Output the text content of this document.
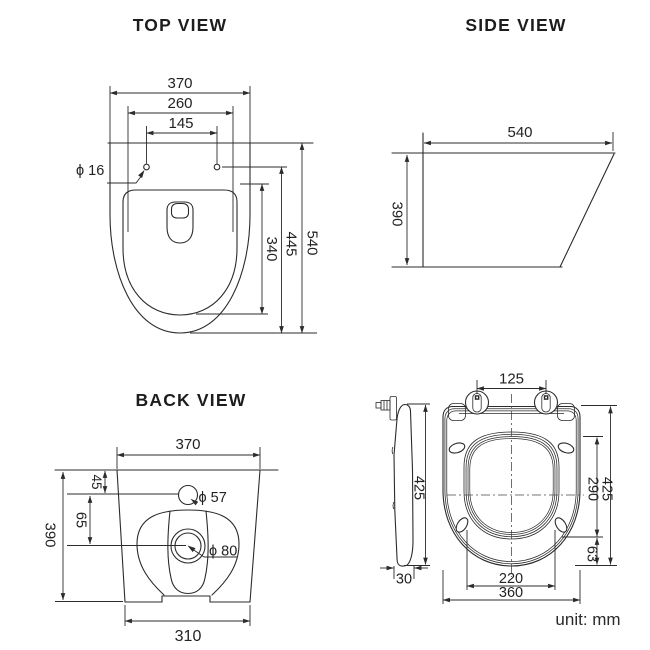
TOP VIEW
370
260
145
ϕ 16
340 445 540
SIDE VIEW
540
390
BACK VIEW
370
45
65
390
ϕ 57
ϕ 80
310
425
30
125
290
425
63
220
360
unit: mm
